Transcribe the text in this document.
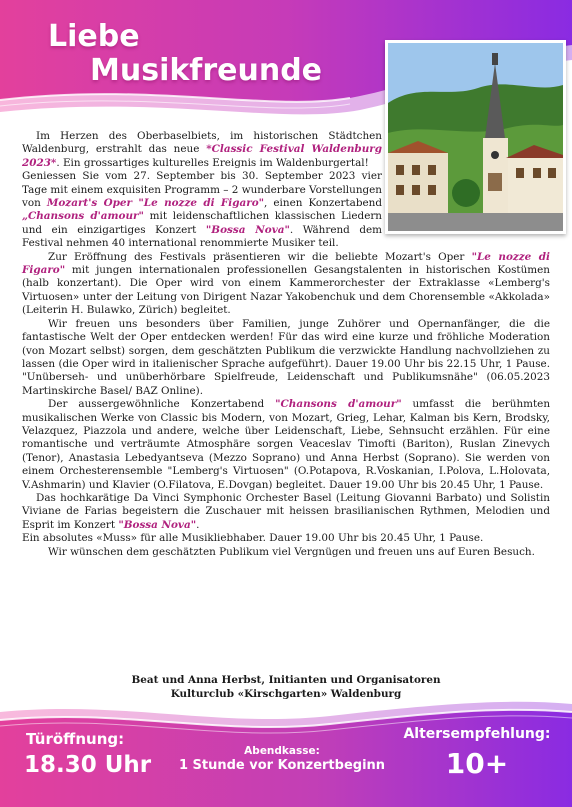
Liebe
Musikfreunde

Im Herzen des Oberbaselbiets, im historischen Städtchen Waldenburg, erstrahlt das neue *Classic Festival Waldenburg 2023*. Ein grossartiges kulturelles Ereignis im Waldenburgertal!

Geniessen Sie vom 27. September bis 30. September 2023 vier Tage mit einem exquisiten Programm – 2 wunderbare Vorstellungen von Mozart's Oper "Le nozze di Figaro", einen Konzertabend „Chansons d'amour" mit leidenschaftlichen klassischen Liedern und ein einzigartiges Konzert "Bossa Nova". Während dem Festival nehmen 40 international renommierte Musiker teil.

Zur Eröffnung des Festivals präsentieren wir die beliebte Mozart's Oper "Le nozze di Figaro" mit jungen internationalen professionellen Gesangstalenten in historischen Kostümen (halb konzertant). Die Oper wird von einem Kammerorchester der Extraklasse «Lemberg's Virtuosen» unter der Leitung von Dirigent Nazar Yakobenchuk und dem Chorensemble «Akkolada» (Leiterin H. Bulawko, Zürich) begleitet.

Wir freuen uns besonders über Familien, junge Zuhörer und Opernanfänger, die die fantastische Welt der Oper entdecken werden! Für das wird eine kurze und fröhliche Moderation (von Mozart selbst) sorgen, dem geschätzten Publikum die verzwickte Handlung nachvollziehen zu lassen (die Oper wird in italienischer Sprache aufgeführt). Dauer 19.00 Uhr bis 22.15 Uhr, 1 Pause. "Unüberseh- und unüberhörbare Spielfreude, Leidenschaft und Publikumsnähe" (06.05.2023 Martinskirche Basel/ BAZ Online).

Der aussergewöhnliche Konzertabend "Chansons d'amour" umfasst die berühmten musikalischen Werke von Classic bis Modern, von Mozart, Grieg, Lehar, Kalman bis Kern, Brodsky, Velazquez, Piazzola und andere, welche über Leidenschaft, Liebe, Sehnsucht erzählen. Für eine romantische und verträumte Atmosphäre sorgen Veaceslav Timofti (Bariton), Ruslan Zinevych (Tenor), Anastasia Lebedyantseva (Mezzo Soprano) und Anna Herbst (Soprano). Sie werden von einem Orchesterensemble "Lemberg's Virtuosen" (O.Potapova, R.Voskanian, I.Polova, L.Holovata, V.Ashmarin) und Klavier (O.Filatova, E.Dovgan) begleitet. Dauer 19.00 Uhr bis 20.45 Uhr, 1 Pause.

Das hochkarätige Da Vinci Symphonic Orchester Basel (Leitung Giovanni Barbato) und Solistin Viviane de Farias begeistern die Zuschauer mit heissen brasilianischen Rythmen, Melodien und Esprit im Konzert "Bossa Nova".

Ein absolutes «Muss» für alle Musikliebhaber. Dauer 19.00 Uhr bis 20.45 Uhr, 1 Pause.

Wir wünschen dem geschätzten Publikum viel Vergnügen und freuen uns auf Euren Besuch.

Beat und Anna Herbst, Initianten und Organisatoren
Kulturclub «Kirschgarten» Waldenburg
Türöffnung:
18.30 Uhr
Abendkasse:
1 Stunde vor Konzertbeginn
Altersempfehlung:
10+
